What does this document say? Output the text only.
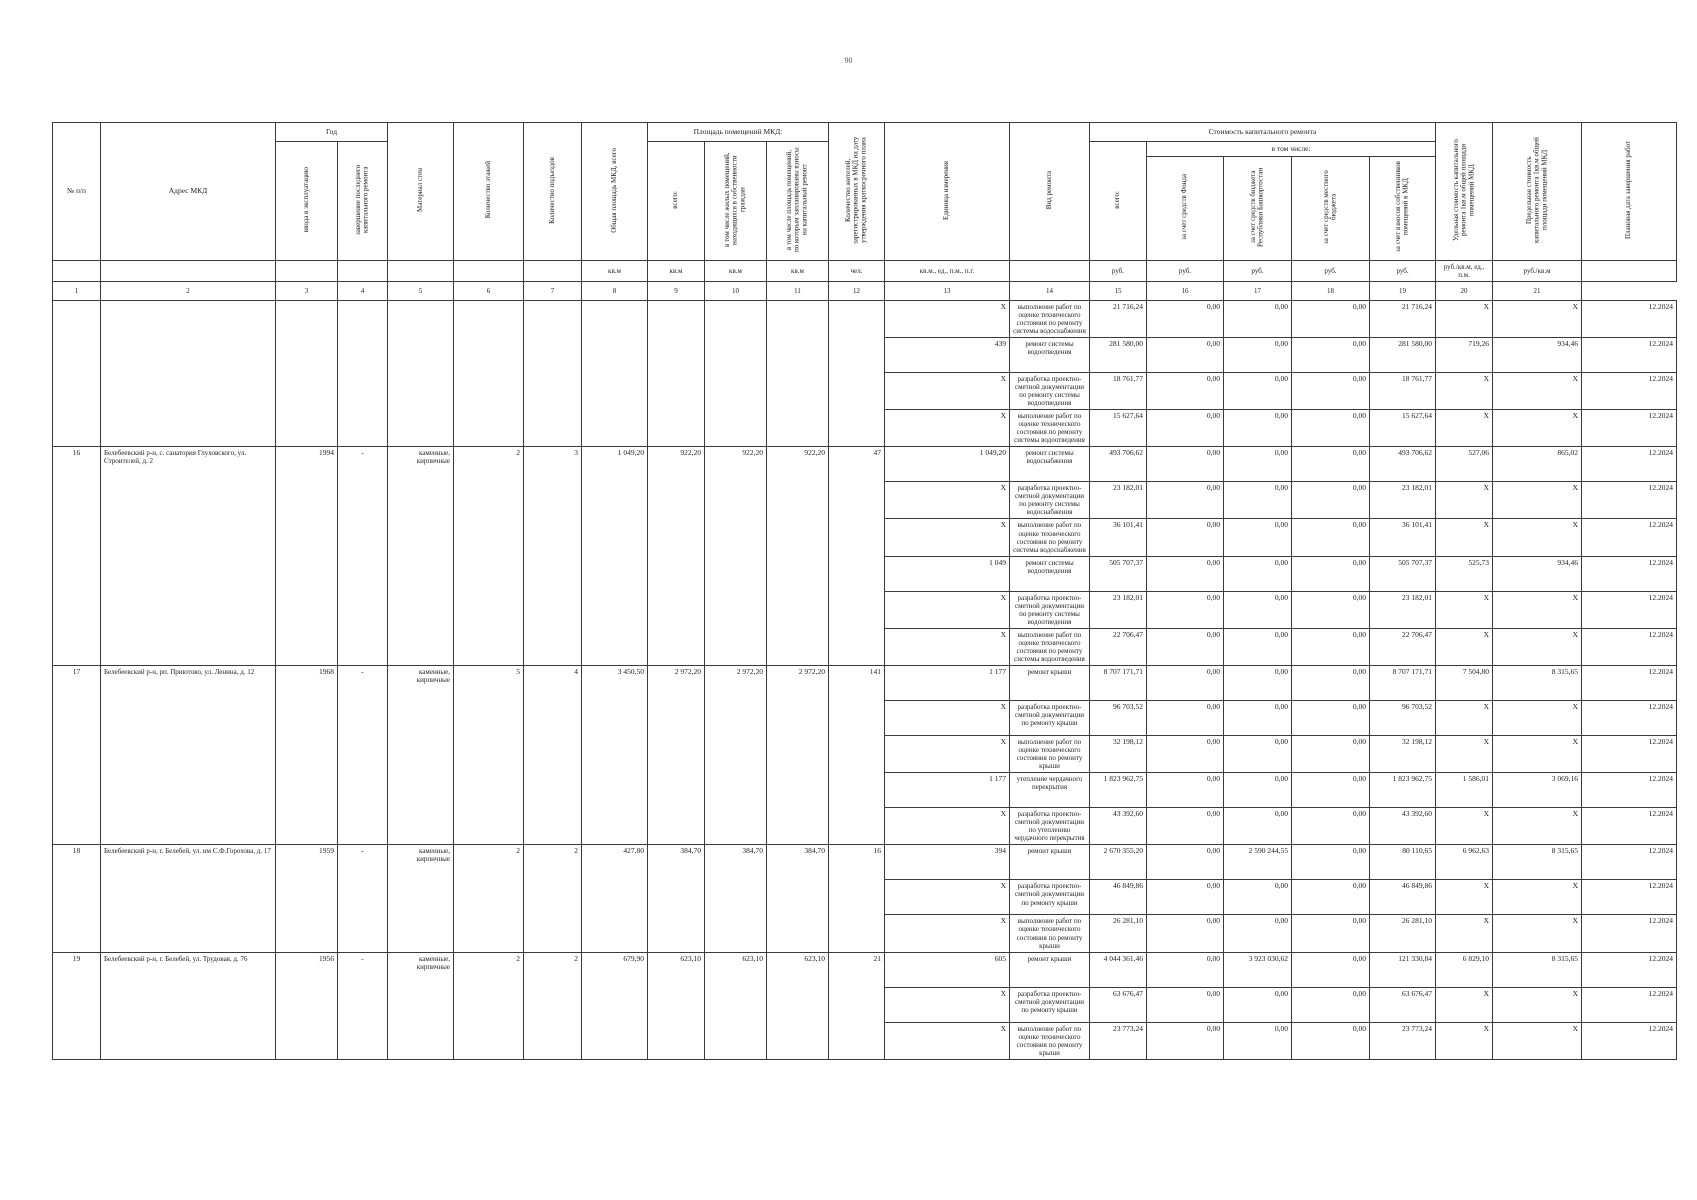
90
№ п/п	Адрес МКД	Год		Материал стен	Количество этажей	Количество подъездов	Общая площадь МКД, всего	Площадь помещений МКД:			Количество жителей, зарегистрированных в МКД на дату утверждения краткосрочного плана	Единица измерения	Вид ремонта	Стоимость капитального ремонта					Удельная стоимость капитального ремонта 1кв.м общей площади помещений МКД	Предельная стоимость капитального ремонта 1кв.м общей площади помещений МКД	Плановая дата завершения работ
		ввода в эксплуатацию	завершение последнего капитального ремонта					всего:	в том числе жилых помещений, находящихся в собственности граждан	в том числе площадь помещений, по которым запланированы взносы на капитальный ремонт				всего:	в том числе:						
															за счет средств Фонда	за счет средств бюджета Республики Башкортостан	за счет средств местного бюджета	за счет взносов собственников помещений в МКД			
							кв.м	кв.м	кв.м	кв.м	чел.	кв.м., ед., п.м., п.г.		руб.	руб.	руб.	руб.	руб.	руб./кв.м, ед., п.м.	руб./кв.м	
1	2	3	4	5	6	7	8	9	10	11	12	13	14	15	16	17	18	19	20	21	
												X	выполнение работ по оценке технического состояния по ремонту системы водоснабжения	21 716,24	0,00	0,00	0,00	21 716,24	X	X	12.2024
												439	ремонт системы водоотведения	281 580,00	0,00	0,00	0,00	281 580,00	719,26	934,46	12.2024
												X	разработка проектно-сметной документации по ремонту системы водоотведения	18 761,77	0,00	0,00	0,00	18 761,77	X	X	12.2024
												X	выполнение работ по оценке технического состояния по ремонту системы водоотведения	15 627,64	0,00	0,00	0,00	15 627,64	X	X	12.2024
16	Белебеевский р-н, с. санатория Глуховского, ул. Строителей, д. 2	1994	-	каменные, кирпичные	2	3	1 049,20	922,20	922,20	922,20	47	1 049,20	ремонт системы водоснабжения	493 706,62	0,00	0,00	0,00	493 706,62	527,06	865,02	12.2024
												X	разработка проектно-сметной документации по ремонту системы водоснабжения	23 182,01	0,00	0,00	0,00	23 182,01	X	X	12.2024
												X	выполнение работ по оценке технического состояния по ремонту системы водоснабжения	36 101,41	0,00	0,00	0,00	36 101,41	X	X	12.2024
												1 049	ремонт системы водоотведения	505 707,37	0,00	0,00	0,00	505 707,37	525,73	934,46	12.2024
												X	разработка проектно-сметной документации по ремонту системы водоотведения	23 182,01	0,00	0,00	0,00	23 182,01	X	X	12.2024
												X	выполнение работ по оценке технического состояния по ремонту системы водоотведения	22 706,47	0,00	0,00	0,00	22 706,47	X	X	12.2024
17	Белебеевский р-н, рп. Приютово, ул. Ленина, д. 12	1968	-	каменные, кирпичные	5	4	3 450,50	2 972,20	2 972,20	2 972,20	141	1 177	ремонт крыши	8 707 171,71	0,00	0,00	0,00	8 707 171,71	7 504,80	8 315,65	12.2024
												X	разработка проектно-сметной документации по ремонту крыши	96 703,52	0,00	0,00	0,00	96 703,52	X	X	12.2024
												X	выполнение работ по оценке технического состояния по ремонту крыши	32 198,12	0,00	0,00	0,00	32 198,12	X	X	12.2024
												1 177	утепление чердачного перекрытия	1 823 962,75	0,00	0,00	0,00	1 823 962,75	1 586,01	3 069,16	12.2024
												X	разработка проектно-сметной документации по утеплению чердачного перекрытия	43 392,60	0,00	0,00	0,00	43 392,60	X	X	12.2024
18	Белебеевский р-н, г. Белебей, ул. им С.Ф.Горохова, д. 17	1959	-	каменные, кирпичные	2	2	427,80	384,70	384,70	384,70	16	394	ремонт крыши	2 670 355,20	0,00	2 590 244,55	0,00	80 110,65	6 962,63	8 315,65	12.2024
												X	разработка проектно-сметной документации по ремонту крыши	46 849,86	0,00	0,00	0,00	46 849,86	X	X	12.2024
												X	выполнение работ по оценке технического состояния по ремонту крыши	26 281,10	0,00	0,00	0,00	26 281,10	X	X	12.2024
19	Белебеевский р-н, г. Белебей, ул. Трудовая, д. 76	1956	-	каменные, кирпичные	2	2	679,90	623,10	623,10	623,10	21	605	ремонт крыши	4 044 361,46	0,00	3 923 030,62	0,00	121 330,84	6 829,10	8 315,65	12.2024
												X	разработка проектно-сметной документации по ремонту крыши	63 676,47	0,00	0,00	0,00	63 676,47	X	X	12.2024
												X	выполнение работ по оценке технического состояния по ремонту крыши	23 773,24	0,00	0,00	0,00	23 773,24	X	X	12.2024
